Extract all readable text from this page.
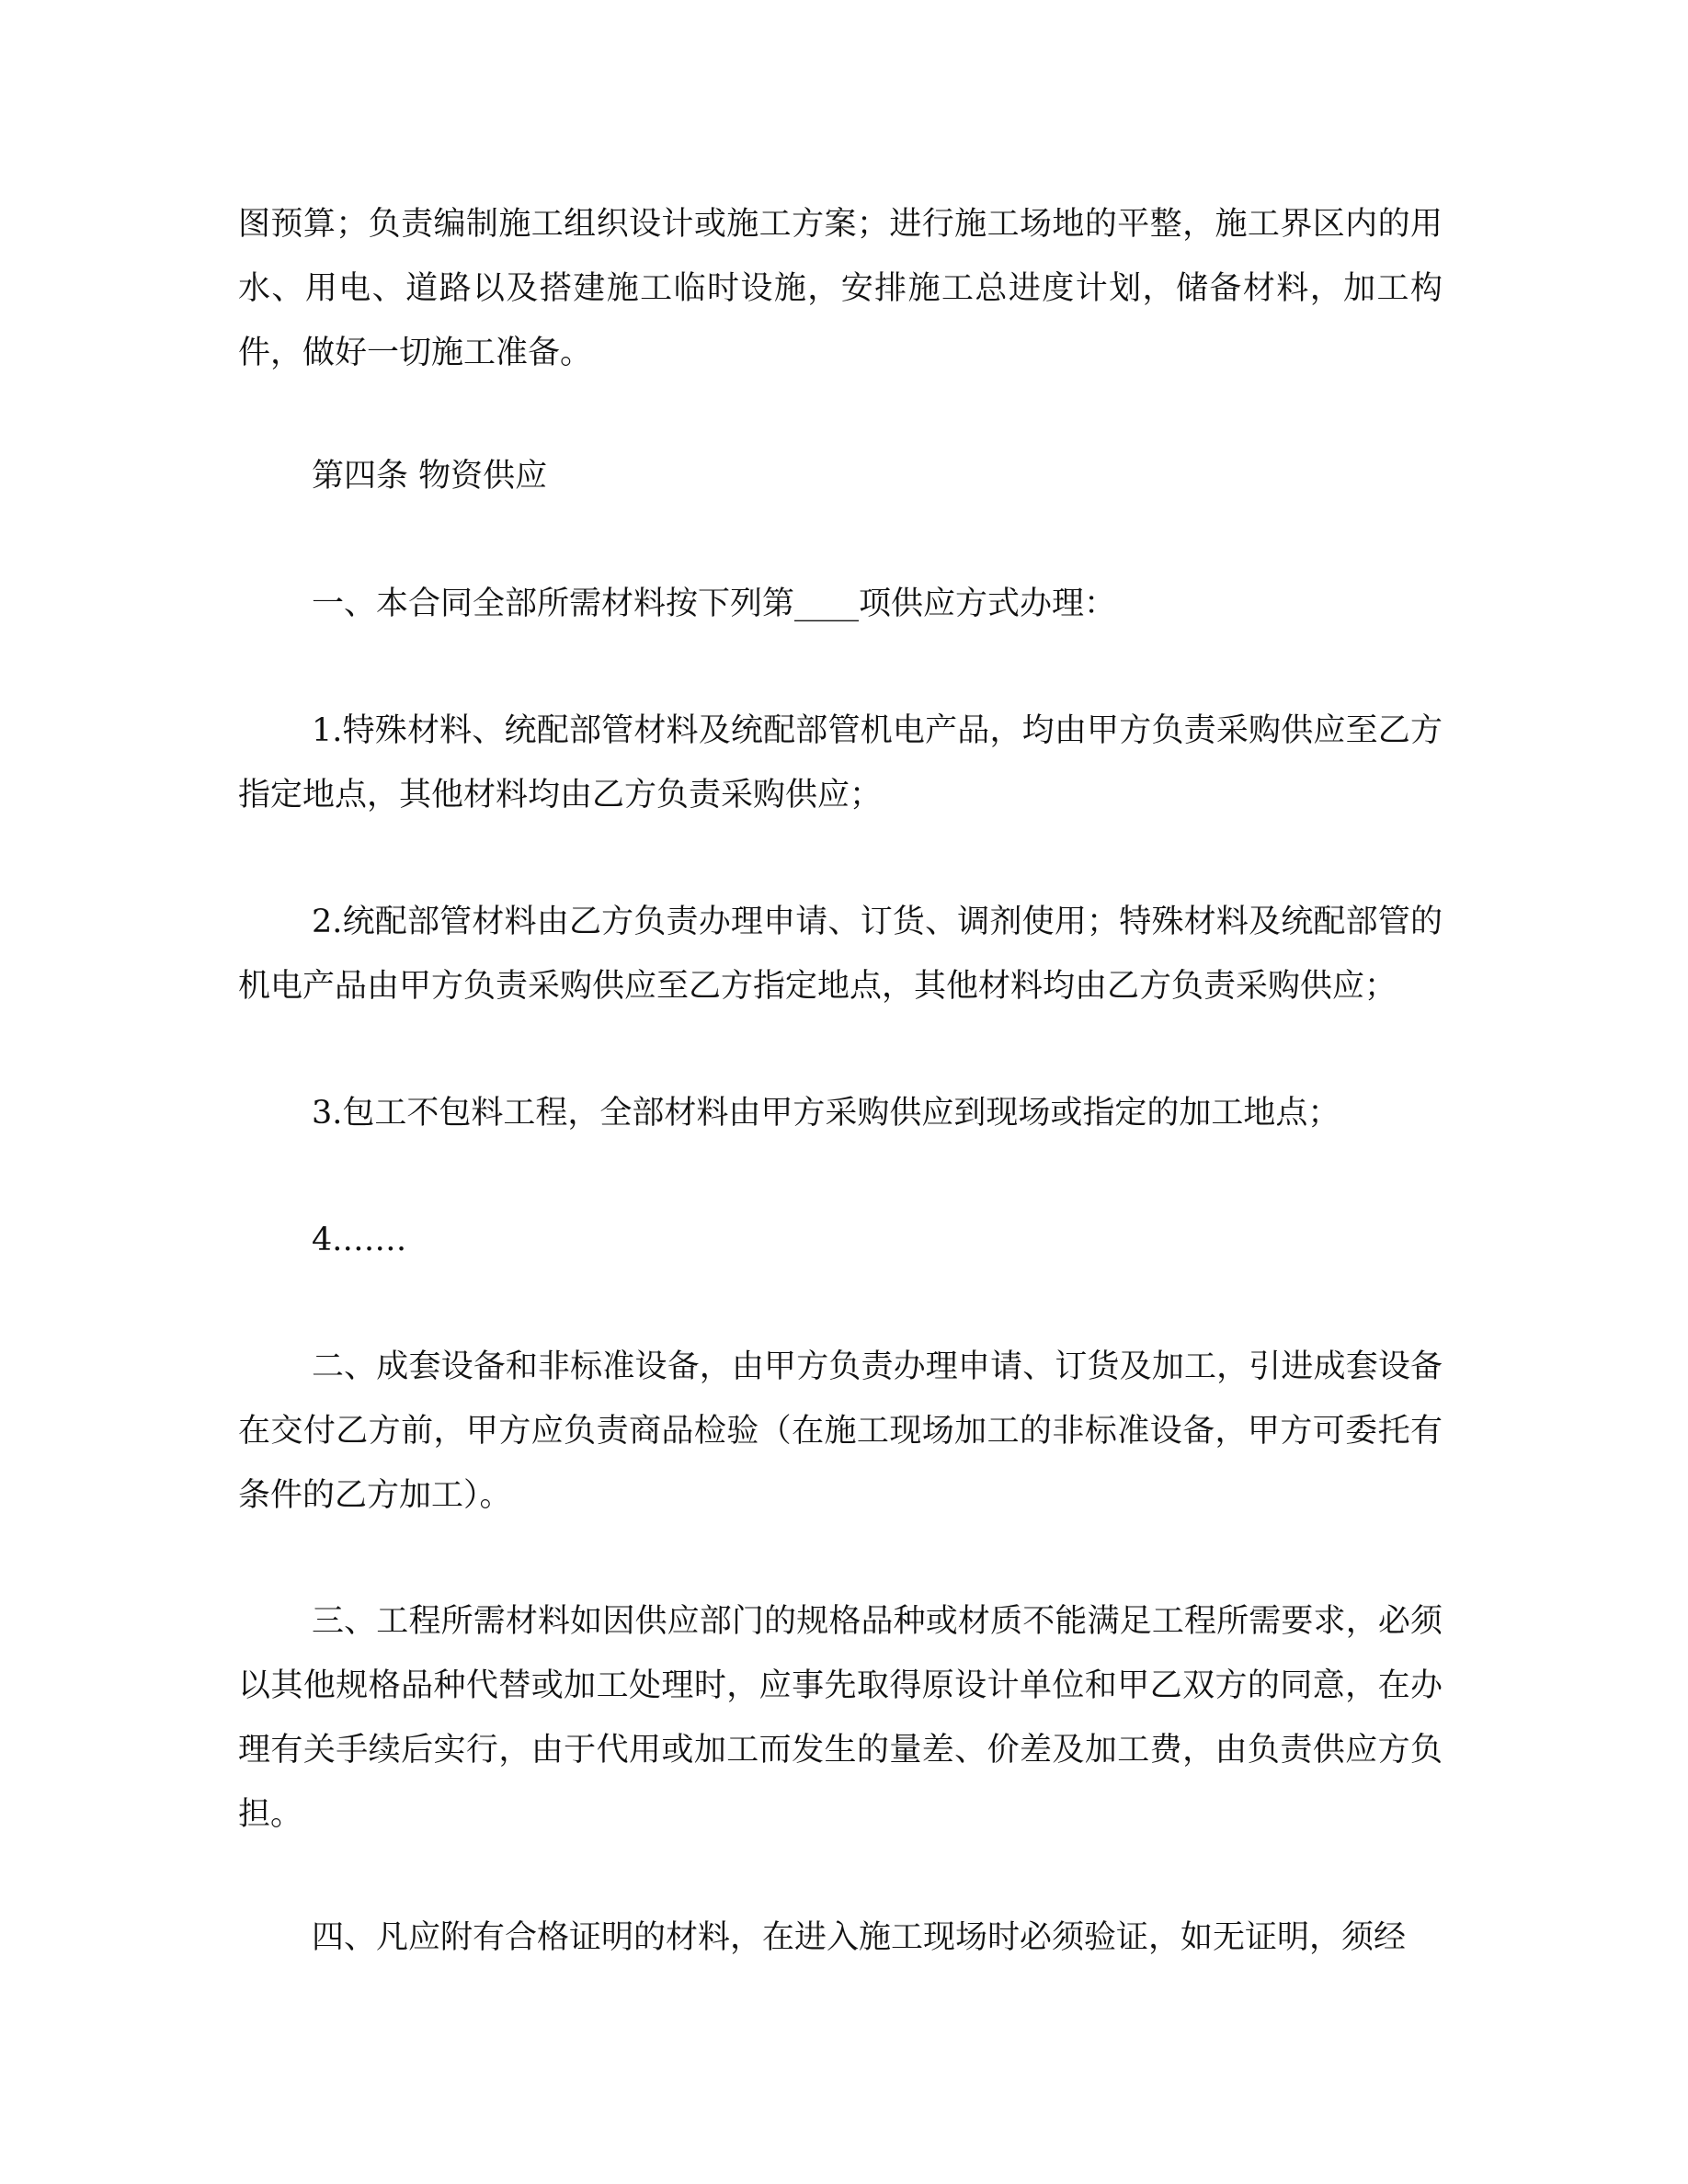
图预算；负责编制施工组织设计或施工方案；进行施工场地的平整，施工界区内的用水、用电、道路以及搭建施工临时设施，安排施工总进度计划，储备材料，加工构件，做好一切施工准备。

第四条 物资供应

一、本合同全部所需材料按下列第____项供应方式办理：

1.特殊材料、统配部管材料及统配部管机电产品，均由甲方负责采购供应至乙方指定地点，其他材料均由乙方负责采购供应；

2.统配部管材料由乙方负责办理申请、订货、调剂使用；特殊材料及统配部管的机电产品由甲方负责采购供应至乙方指定地点，其他材料均由乙方负责采购供应；

3.包工不包料工程，全部材料由甲方采购供应到现场或指定的加工地点；

4.……

二、成套设备和非标准设备，由甲方负责办理申请、订货及加工，引进成套设备在交付乙方前，甲方应负责商品检验（在施工现场加工的非标准设备，甲方可委托有条件的乙方加工）。

三、工程所需材料如因供应部门的规格品种或材质不能满足工程所需要求，必须以其他规格品种代替或加工处理时，应事先取得原设计单位和甲乙双方的同意，在办理有关手续后实行，由于代用或加工而发生的量差、价差及加工费，由负责供应方负担。

四、凡应附有合格证明的材料，在进入施工现场时必须验证，如无证明，须经
